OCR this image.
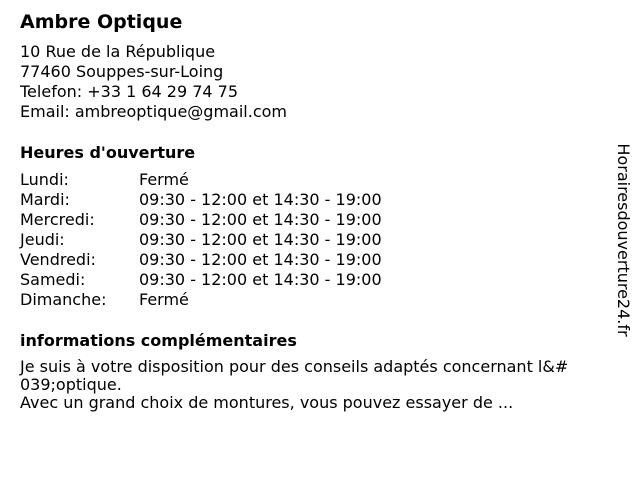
Ambre Optique
10 Rue de la République
77460 Souppes-sur-Loing
Telefon: +33 1 64 29 74 75
Email: ambreoptique@gmail.com
Heures d'ouverture
Lundi:	Fermé
Mardi:	09:30 - 12:00 et 14:30 - 19:00
Mercredi:	09:30 - 12:00 et 14:30 - 19:00
Jeudi:	09:30 - 12:00 et 14:30 - 19:00
Vendredi:	09:30 - 12:00 et 14:30 - 19:00
Samedi:	09:30 - 12:00 et 14:30 - 19:00
Dimanche:	Fermé
informations complémentaires
Je suis à votre disposition pour des conseils adaptés concernant l&#
039;optique.
Avec un grand choix de montures, vous pouvez essayer de ...
Horairesdouverture24.fr
